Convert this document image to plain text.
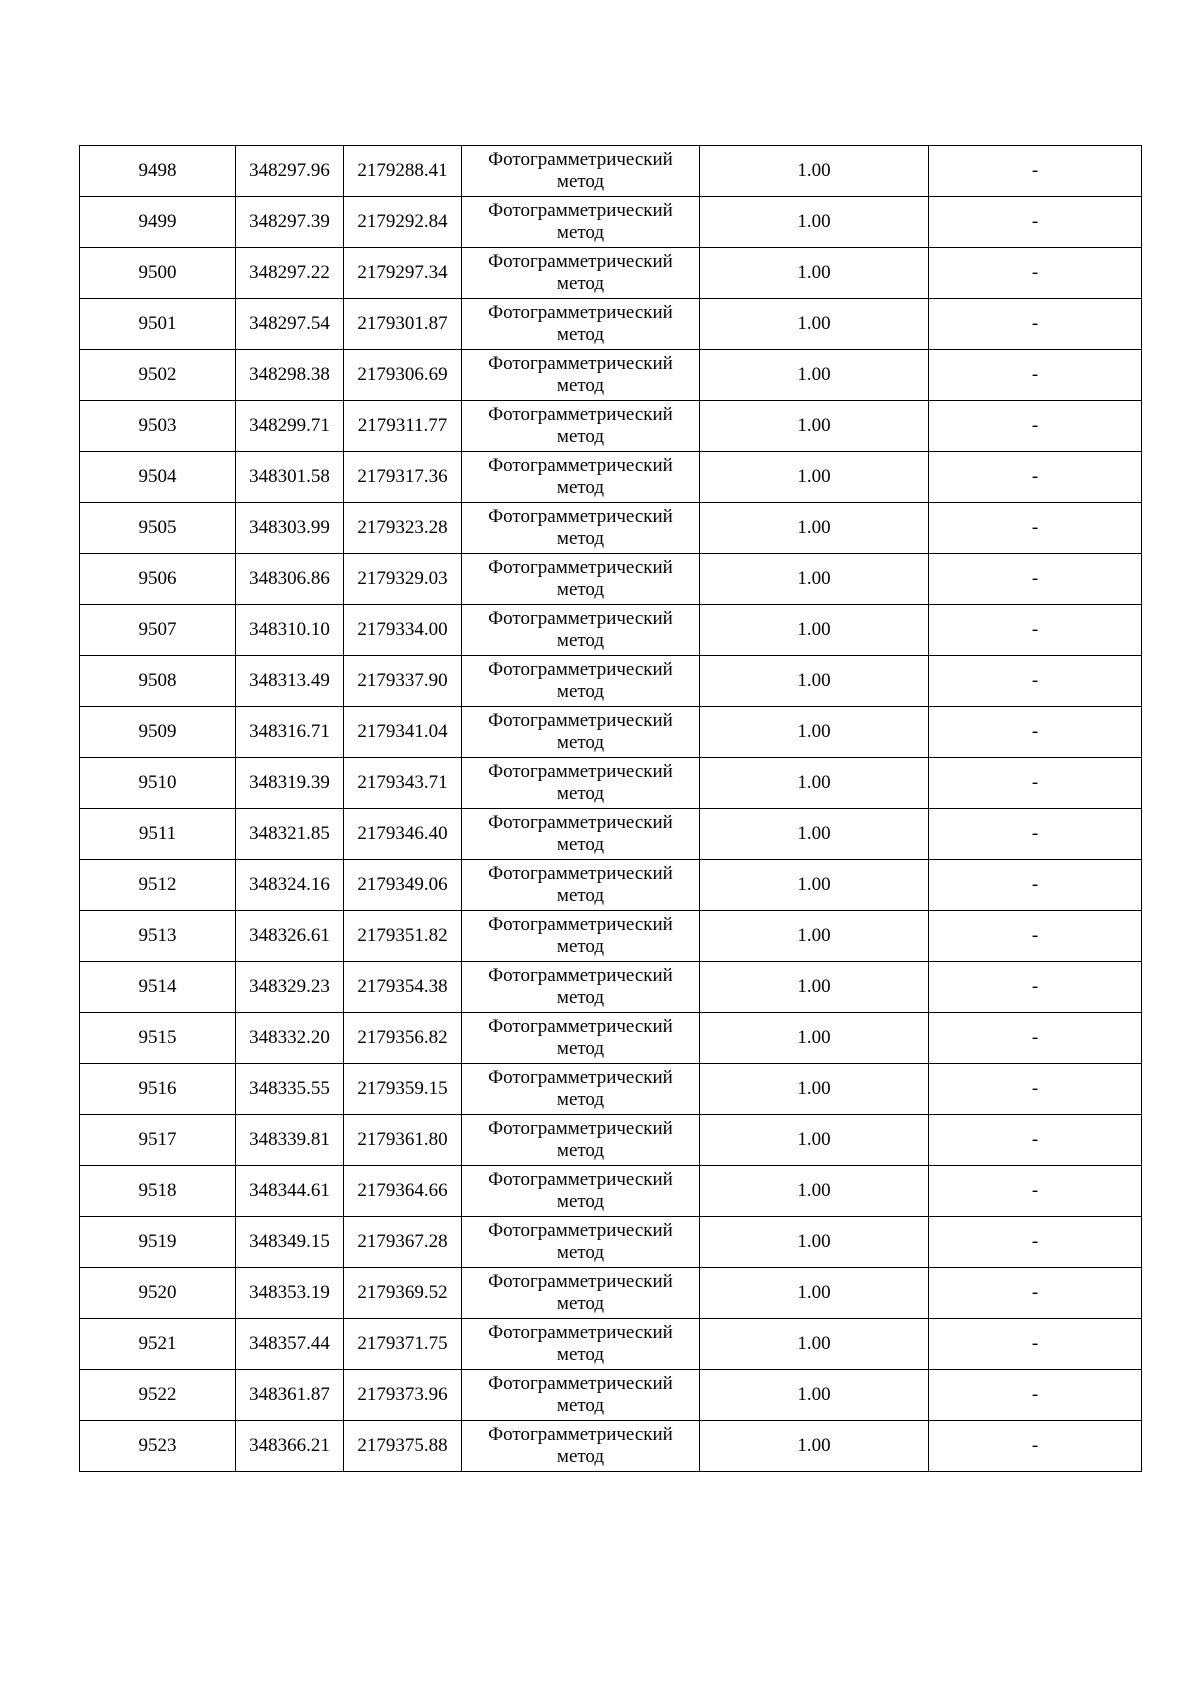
9498	348297.96	2179288.41	Фотограмметрический метод	1.00	-
9499	348297.39	2179292.84	Фотограмметрический метод	1.00	-
9500	348297.22	2179297.34	Фотограмметрический метод	1.00	-
9501	348297.54	2179301.87	Фотограмметрический метод	1.00	-
9502	348298.38	2179306.69	Фотограмметрический метод	1.00	-
9503	348299.71	2179311.77	Фотограмметрический метод	1.00	-
9504	348301.58	2179317.36	Фотограмметрический метод	1.00	-
9505	348303.99	2179323.28	Фотограмметрический метод	1.00	-
9506	348306.86	2179329.03	Фотограмметрический метод	1.00	-
9507	348310.10	2179334.00	Фотограмметрический метод	1.00	-
9508	348313.49	2179337.90	Фотограмметрический метод	1.00	-
9509	348316.71	2179341.04	Фотограмметрический метод	1.00	-
9510	348319.39	2179343.71	Фотограмметрический метод	1.00	-
9511	348321.85	2179346.40	Фотограмметрический метод	1.00	-
9512	348324.16	2179349.06	Фотограмметрический метод	1.00	-
9513	348326.61	2179351.82	Фотограмметрический метод	1.00	-
9514	348329.23	2179354.38	Фотограмметрический метод	1.00	-
9515	348332.20	2179356.82	Фотограмметрический метод	1.00	-
9516	348335.55	2179359.15	Фотограмметрический метод	1.00	-
9517	348339.81	2179361.80	Фотограмметрический метод	1.00	-
9518	348344.61	2179364.66	Фотограмметрический метод	1.00	-
9519	348349.15	2179367.28	Фотограмметрический метод	1.00	-
9520	348353.19	2179369.52	Фотограмметрический метод	1.00	-
9521	348357.44	2179371.75	Фотограмметрический метод	1.00	-
9522	348361.87	2179373.96	Фотограмметрический метод	1.00	-
9523	348366.21	2179375.88	Фотограмметрический метод	1.00	-
